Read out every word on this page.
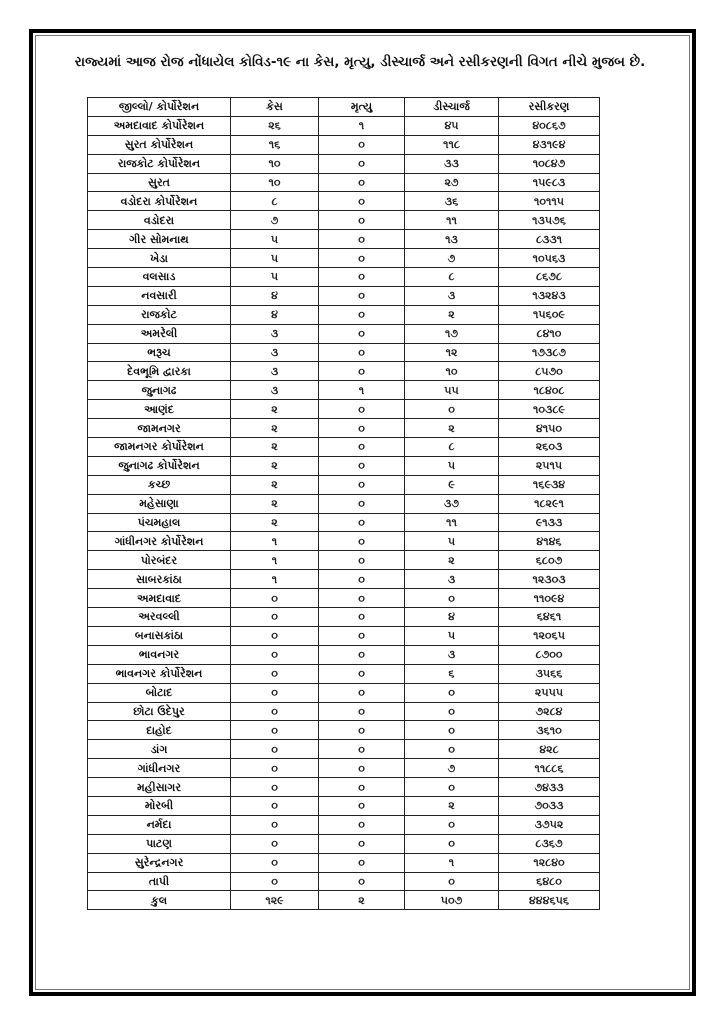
રાજ્યમાં આજ રોજ નોંધાયેલ કોવિડ-૧૯ ના કેસ, મૃત્યુ, ડીસ્ચાર્જ અને રસીકરણની વિગત નીચે મુજબ છે.
જીલ્લો/ કોર્પોરેશન	કેસ	મૃત્યુ	ડીસ્ચાર્જ	રસીકરણ
અમદાવાદ કોર્પોરેશન	૨૬	૧	૪૫	૪૦૮૬૭
સુરત કોર્પોરેશન	૧૬	૦	૧૧૮	૪૩૧૯૪
રાજકોટ કોર્પોરેશન	૧૦	૦	૩૩	૧૦૮૪૭
સુરત	૧૦	૦	૨૭	૧૫૯૮૩
વડોદરા કોર્પોરેશન	૮	૦	૩૬	૧૦૧૧૫
વડોદરા	૭	૦	૧૧	૧૩૫૭૬
ગીર સોમનાથ	૫	૦	૧૩	૮૩૩૧
ખેડા	૫	૦	૭	૧૦૫૬૩
વલસાડ	૫	૦	૮	૮૬૭૮
નવસારી	૪	૦	૩	૧૩૨૪૩
રાજકોટ	૪	૦	૨	૧૫૬૦૯
અમરેલી	૩	૦	૧૭	૮૪૧૦
ભરૂચ	૩	૦	૧૨	૧૭૩૮૭
દેવભૂમિ દ્વારકા	૩	૦	૧૦	૮૫૭૦
જુનાગઢ	૩	૧	૫૫	૧૮૪૦૮
આણંદ	૨	૦	૦	૧૦૩૮૯
જામનગર	૨	૦	૨	૪૧૫૦
જામનગર કોર્પોરેશન	૨	૦	૮	૨૬૦૩
જુનાગઢ કોર્પોરેશન	૨	૦	૫	૨૫૧૫
કચ્છ	૨	૦	૯	૧૬૯૩૪
મહેસાણા	૨	૦	૩૭	૧૮૨૯૧
પંચમહાલ	૨	૦	૧૧	૯૧૩૩
ગાંધીનગર કોર્પોરેશન	૧	૦	૫	૪૧૪૬
પોરબંદર	૧	૦	૨	૬૮૦૭
સાબરકાંઠા	૧	૦	૩	૧૨૩૦૩
અમદાવાદ	૦	૦	૦	૧૧૦૯૪
અરવલ્લી	૦	૦	૪	૬૪૬૧
બનાસકાંઠા	૦	૦	૫	૧૨૦૬૫
ભાવનગર	૦	૦	૩	૮૭૦૦
ભાવનગર કોર્પોરેશન	૦	૦	૬	૩૫૬૬
બોટાદ	૦	૦	૦	૨૫૫૫
છોટા ઉદેપુર	૦	૦	૦	૭૨૮૪
દાહોદ	૦	૦	૦	૩૬૧૦
ડાંગ	૦	૦	૦	૪૨૮
ગાંધીનગર	૦	૦	૭	૧૧૮૮૬
મહીસાગર	૦	૦	૦	૭૪૩૩
મોરબી	૦	૦	૨	૭૦૩૩
નર્મદા	૦	૦	૦	૩૭૫૨
પાટણ	૦	૦	૦	૮૩૬૭
સુરેન્દ્રનગર	૦	૦	૧	૧૨૮૪૦
તાપી	૦	૦	૦	૬૪૮૦
કુલ	૧૨૯	૨	૫૦૭	૪૪૪૬૫૬
